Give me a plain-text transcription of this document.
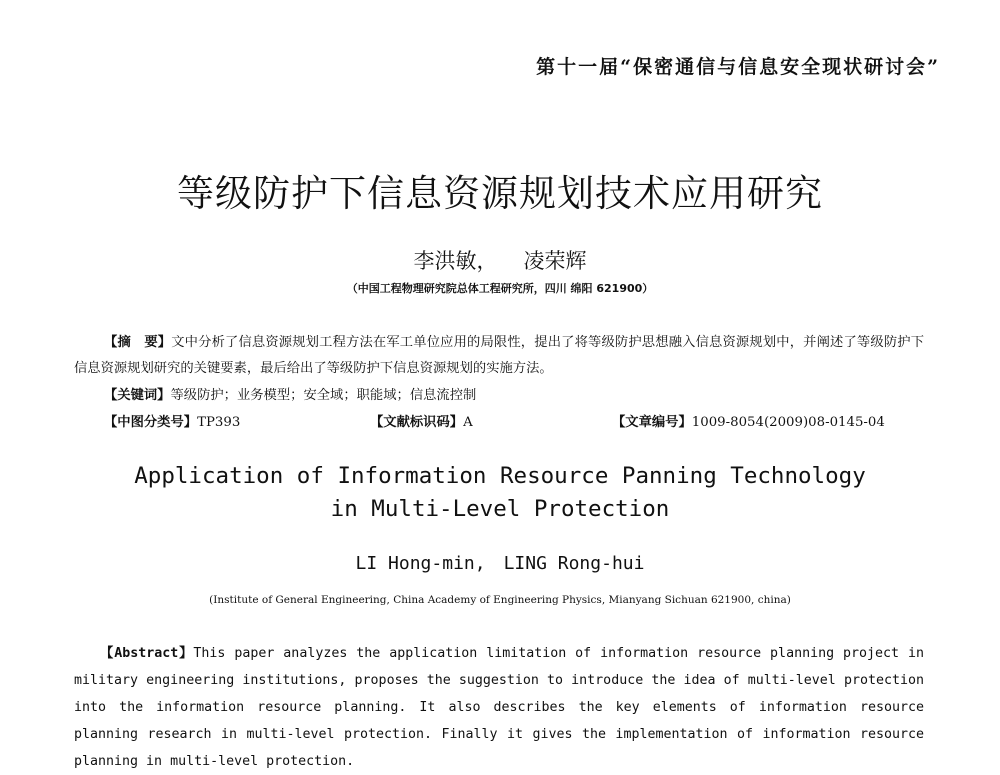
第十一届“保密通信与信息安全现状研讨会”
等级防护下信息资源规划技术应用研究
李洪敏， 凌荣辉
（中国工程物理研究院总体工程研究所，四川 绵阳 621900）
【摘　要】文中分析了信息资源规划工程方法在军工单位应用的局限性，提出了将等级防护思想融入信息资源规划中，并阐述了等级防护下信息资源规划研究的关键要素，最后给出了等级防护下信息资源规划的实施方法。
【关键词】等级防护；业务模型；安全域；职能域；信息流控制
【中图分类号】TP393	【文献标识码】A	【文章编号】1009-8054(2009)08-0145-04
Application of Information Resource Panning Technology
in Multi-Level Protection
LI Hong-min, LING Rong-hui
(Institute of General Engineering, China Academy of Engineering Physics, Mianyang Sichuan 621900, china)
【Abstract】This paper analyzes the application limitation of information resource planning project in military engineering institutions, proposes the suggestion to introduce the idea of multi-level protection into the information resource planning. It also describes the key elements of information resource planning research in multi-level protection. Finally it gives the implementation of information resource planning in multi-level protection.
